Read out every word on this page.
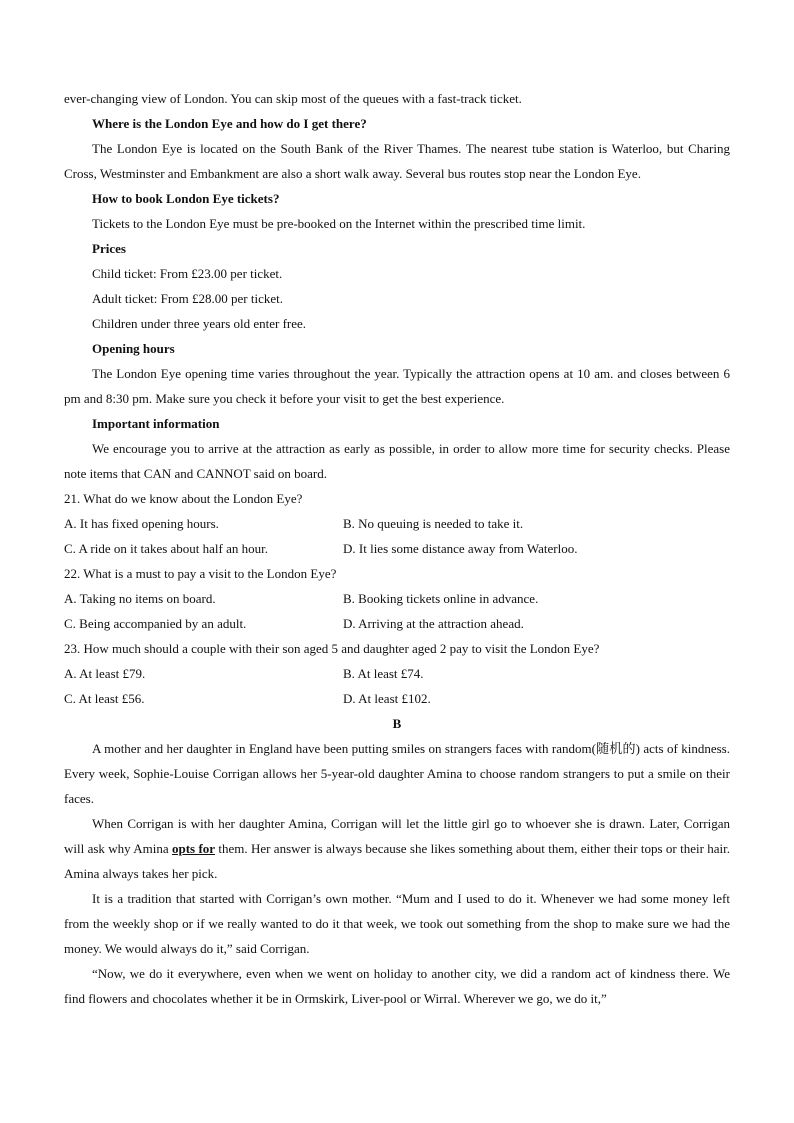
ever-changing view of London. You can skip most of the queues with a fast-track ticket.

Where is the London Eye and how do I get there?

The London Eye is located on the South Bank of the River Thames. The nearest tube station is Waterloo, but Charing Cross, Westminster and Embankment are also a short walk away. Several bus routes stop near the London Eye.

How to book London Eye tickets?

Tickets to the London Eye must be pre-booked on the Internet within the prescribed time limit.

Prices

Child ticket: From £23.00 per ticket.

Adult ticket: From £28.00 per ticket.

Children under three years old enter free.

Opening hours

The London Eye opening time varies throughout the year. Typically the attraction opens at 10 am. and closes between 6 pm and 8:30 pm. Make sure you check it before your visit to get the best experience.

Important information

We encourage you to arrive at the attraction as early as possible, in order to allow more time for security checks. Please note items that CAN and CANNOT said on board.

21. What do we know about the London Eye?

A. It has fixed opening hours.	B. No queuing is needed to take it.
C. A ride on it takes about half an hour.	D. It lies some distance away from Waterloo.

22. What is a must to pay a visit to the London Eye?

A. Taking no items on board.	B. Booking tickets online in advance.
C. Being accompanied by an adult.	D. Arriving at the attraction ahead.

23. How much should a couple with their son aged 5 and daughter aged 2 pay to visit the London Eye?

A. At least £79.	B. At least £74.
C. At least £56.	D. At least £102.

B

A mother and her daughter in England have been putting smiles on strangers faces with random(随机的) acts of kindness. Every week, Sophie-Louise Corrigan allows her 5-year-old daughter Amina to choose random strangers to put a smile on their faces.

When Corrigan is with her daughter Amina, Corrigan will let the little girl go to whoever she is drawn. Later, Corrigan will ask why Amina opts for them. Her answer is always because she likes something about them, either their tops or their hair. Amina always takes her pick.

It is a tradition that started with Corrigan’s own mother. “Mum and I used to do it. Whenever we had some money left from the weekly shop or if we really wanted to do it that week, we took out something from the shop to make sure we had the money. We would always do it,” said Corrigan.

“Now, we do it everywhere, even when we went on holiday to another city, we did a random act of kindness there. We find flowers and chocolates whether it be in Ormskirk, Liver-pool or Wirral. Wherever we go, we do it,”
